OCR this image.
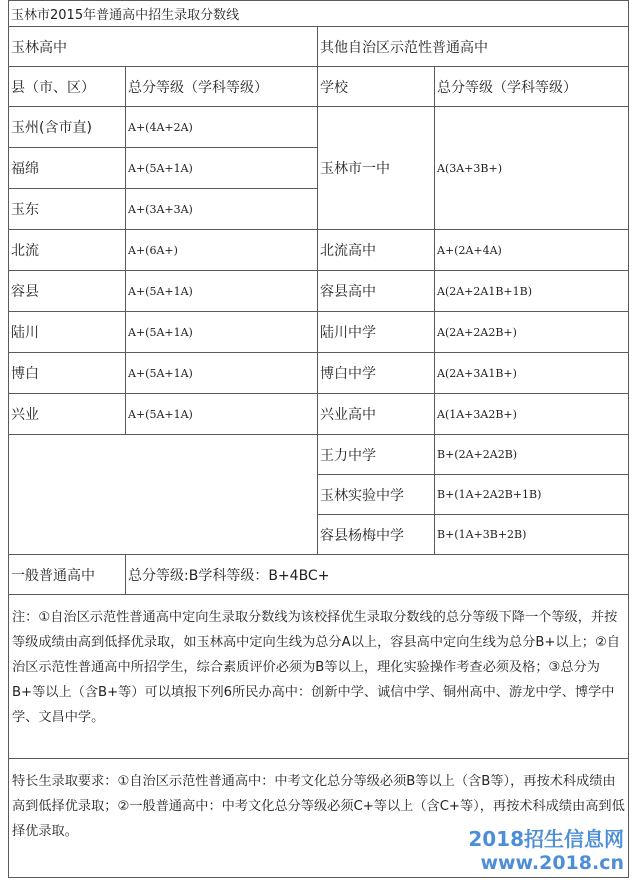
玉林市2015年普通高中招生录取分数线			
玉林高中		其他自治区示范性普通高中	
县（市、区）	总分等级（学科等级）	学校	总分等级（学科等级）
玉州(含市直)	A+(4A+2A)	玉林市一中	A(3A+3B+)
福绵	A+(5A+1A)		
玉东	A+(3A+3A)		
北流	A+(6A+)	北流高中	A+(2A+4A)
容县	A+(5A+1A)	容县高中	A(2A+2A1B+1B)
陆川	A+(5A+1A)	陆川中学	A(2A+2A2B+)
博白	A+(5A+1A)	博白中学	A(2A+3A1B+)
兴业	A+(5A+1A)	兴业高中	A(1A+3A2B+)
		王力中学	B+(2A+2A2B)
		玉林实验中学	B+(1A+2A2B+1B)
		容县杨梅中学	B+(1A+3B+2B)
一般普通高中	总分等级:B学科等级：B+4BC+		
注：①自治区示范性普通高中定向生录取分数线为该校择优生录取分数线的总分等级下降一个等级，并按等级成绩由高到低择优录取，如玉林高中定向生线为总分A以上，容县高中定向生线为总分B+以上；②自治区示范性普通高中所招学生，综合素质评价必须为B等以上，理化实验操作考查必须及格；③总分为B+等以上（含B+等）可以填报下列6所民办高中：创新中学、诚信中学、铜州高中、游龙中学、博学中学、文昌中学。			
特长生录取要求：①自治区示范性普通高中：中考文化总分等级必须B等以上（含B等），再按术科成绩由高到低择优录取；②一般普通高中：中考文化总分等级必须C+等以上（含C+等），再按术科成绩由高到低择优录取。				2018招生信息网
www.2018.cn
